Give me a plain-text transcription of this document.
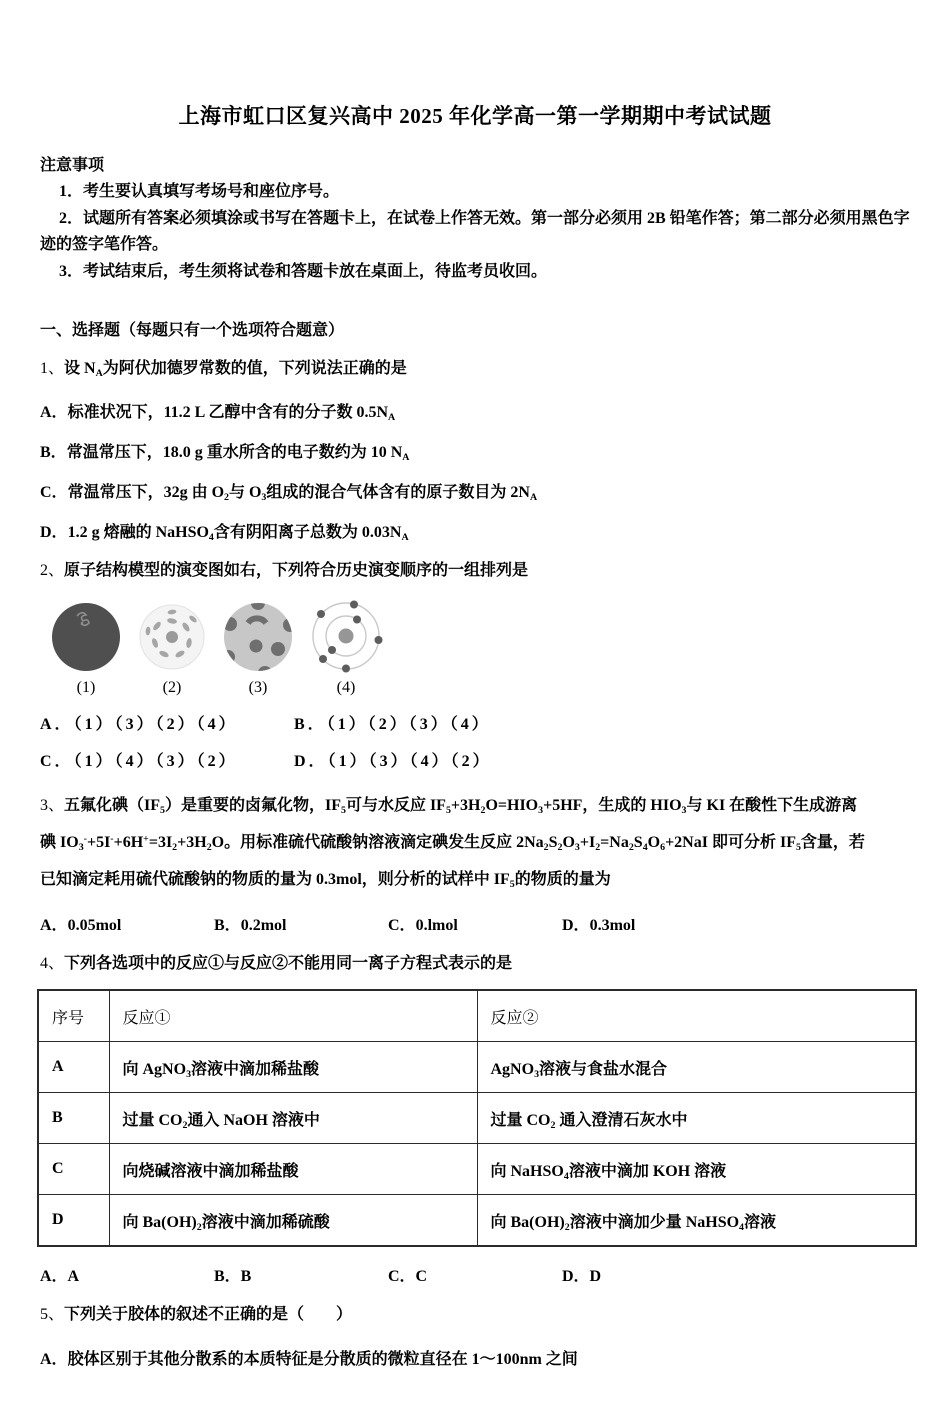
上海市虹口区复兴高中 2025 年化学高一第一学期期中考试试题

注意事项

1．考生要认真填写考场号和座位序号。

2．试题所有答案必须填涂或书写在答题卡上，在试卷上作答无效。第一部分必须用 2B 铅笔作答；第二部分必须用黑色字迹的签字笔作答。

3．考试结束后，考生须将试卷和答题卡放在桌面上，待监考员收回。

一、选择题（每题只有一个选项符合题意）

1、设 $N_A$为阿伏加德罗常数的值，下列说法正确的是

A．标准状况下，11.2 L 乙醇中含有的分子数 $0.5N_A$

B．常温常压下，18.0 g 重水所含的电子数约为 10 $N_A$

C．常温常压下，32g 由 $O_2$与 $O_3$组成的混合气体含有的原子数目为 $2N_A$

D．1.2 g 熔融的 NaHSO$_4$含有阴阳离子总数为 $0.03N_A$

2、原子结构模型的演变图如右，下列符合历史演变顺序的一组排列是

(1)	(2)	(3)	(4)

A．（1）（3）（2）（4）	B．（1）（2）（3）（4）

C．（1）（4）（3）（2）	D．（1）（3）（4）（2）

3、五氟化碘$(IF_5)$是重要的卤氟化物，$IF_5$可与水反应 $IF_5+3H_2O=HIO_3+5HF$，生成的 $HIO_3$与 KI 在酸性下生成游离

碘 $IO_3^-+5I^-+6H^+=3I_2+3H_2O$。用标准硫代硫酸钠溶液滴定碘发生反应 $2Na_2S_2O_3+I_2=Na_2S_4O_6+2NaI$ 即可分析 $IF_5$含量，若

已知滴定耗用硫代硫酸钠的物质的量为 0.3mol，则分析的试样中 $IF_5$的物质的量为

A．0.05mol	B．0.2mol	C．0.lmol	D．0.3mol

4、下列各选项中的反应①与反应②不能用同一离子方程式表示的是

序号	反应①	反应②
A	向 AgNO$_3$溶液中滴加稀盐酸	AgNO$_3$溶液与食盐水混合
B	过量 $CO_2$通入 NaOH 溶液中	过量 $CO_2$ 通入澄清石灰水中
C	向烧碱溶液中滴加稀盐酸	向 NaHSO$_4$溶液中滴加 KOH 溶液
D	向 $Ba(OH)_2$溶液中滴加稀硫酸	向 $Ba(OH)_2$溶液中滴加少量 NaHSO$_4$溶液

A．A	B．B	C．C	D．D

5、下列关于胶体的叙述不正确的是（　　）

A．胶体区别于其他分散系的本质特征是分散质的微粒直径在 1～100nm 之间
